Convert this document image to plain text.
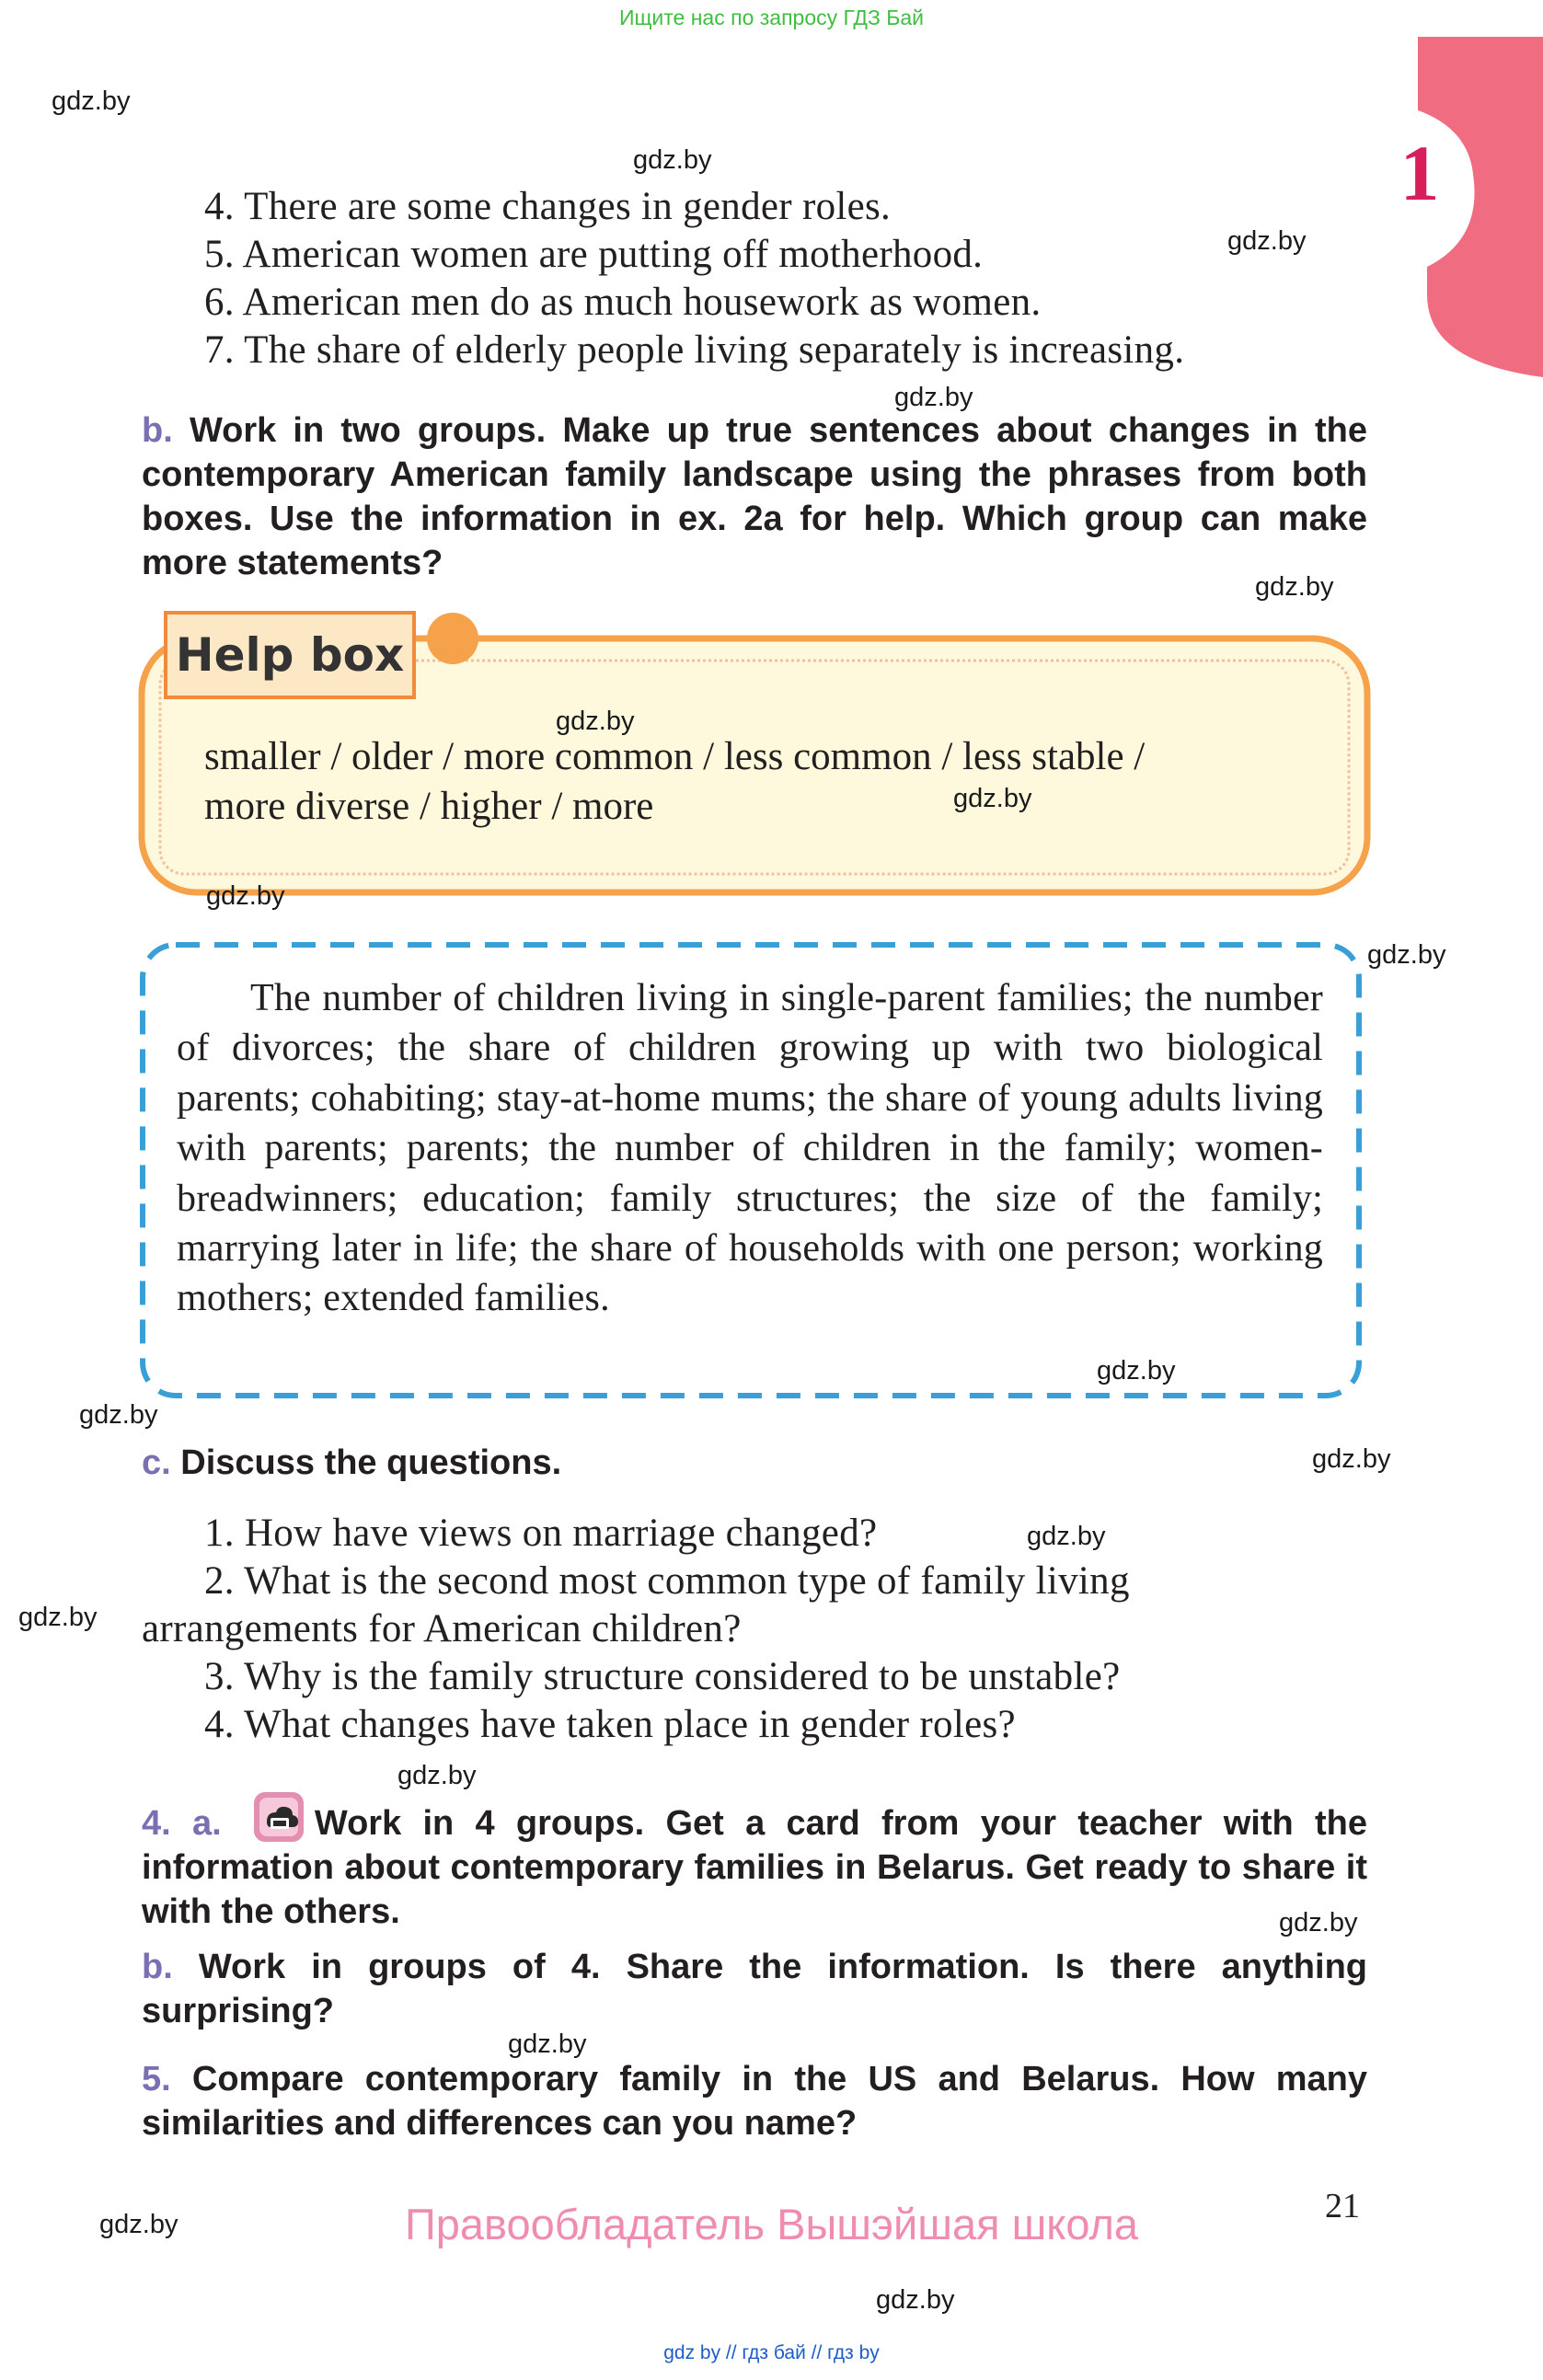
Ищите нас по запросу ГДЗ Бай
1
4. There are some changes in gender roles.
5. American women are putting off motherhood.
6. American men do as much housework as women.
7. The share of elderly people living separately is increasing.
b. Work in two groups. Make up true sentences about changes in the contemporary American family landscape using the phrases from both boxes. Use the information in ex. 2a for help. Which group can make more statements?
Help box
smaller / older / more common / less common / less stable /
more diverse / higher / more
The number of children living in single-parent families; the number of divorces; the share of children growing up with two biological parents; cohabiting; stay-at-home mums; the share of young adults living with parents; parents; the number of children in the family; women-breadwinners; education; family structures; the size of the family; marrying later in life; the share of households with one person; working mothers; extended families.
c. Discuss the questions.
1. How have views on marriage changed?
2. What is the second most common type of family living
arrangements for American children?
3. Why is the family structure considered to be unstable?
4. What changes have taken place in gender roles?
4. a.	Work in 4 groups. Get a card from your teacher with the information about contemporary families in Belarus. Get ready to share it with the others.
b. Work in groups of 4. Share the information. Is there anything surprising?
5. Compare contemporary family in the US and Belarus. How many similarities and differences can you name?
21
Правообладатель Вышэйшая школа
gdz.by
gdz.by
gdz.by
gdz.by
gdz.by
gdz.by
gdz.by
gdz.by
gdz.by
gdz.by
gdz.by
gdz.by
gdz.by
gdz.by
gdz.by
gdz.by
gdz.by
gdz.by
gdz.by
gdz by // гдз бай // гдз by
